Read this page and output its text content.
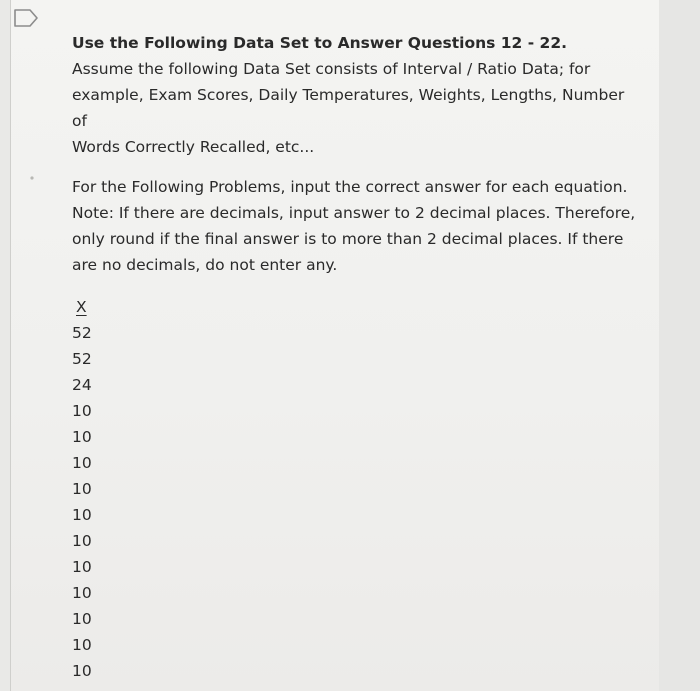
Use the Following Data Set to Answer Questions 12 - 22.
Assume the following Data Set consists of Interval / Ratio Data; for
example, Exam Scores, Daily Temperatures, Weights, Lengths, Number of
Words Correctly Recalled, etc...
For the Following Problems, input the correct answer for each equation.
Note: If there are decimals, input answer to 2 decimal places. Therefore,
only round if the final answer is to more than 2 decimal places. If there
are no decimals, do not enter any.
X
52
52
24
10
10
10
10
10
10
10
10
10
10
10
